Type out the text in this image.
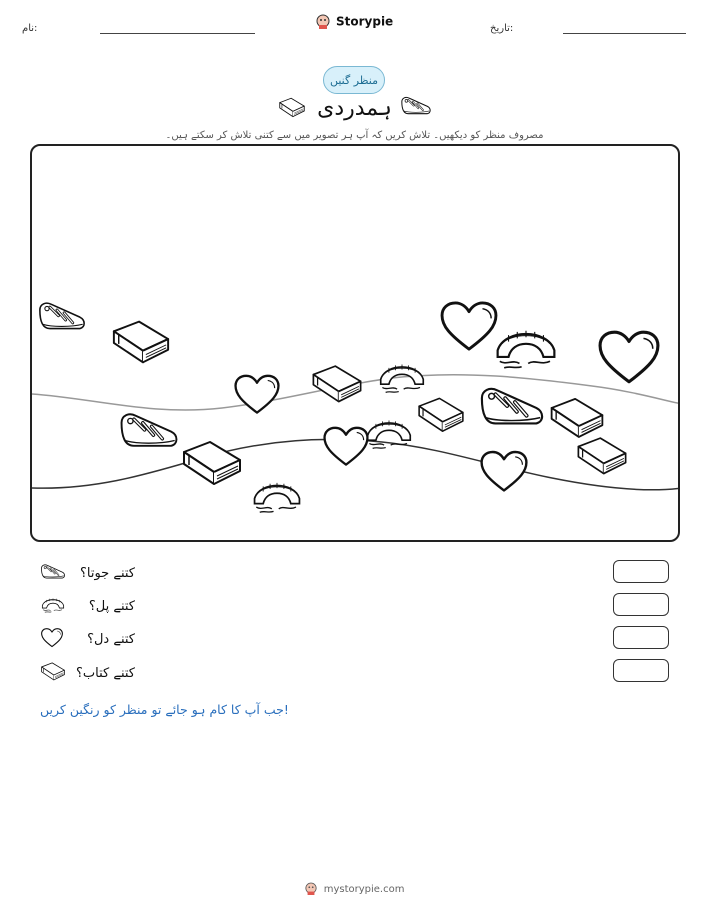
نام:	Storypie	تاریخ:
منظر گنیں
ہمدردی
مصروف منظر کو دیکھیں۔ تلاش کریں کہ آپ ہر تصویر میں سے کتنی تلاش کر سکتے ہیں۔
کتنے جوتا؟
کتنے پل؟
کتنے دل؟
کتنے کتاب؟
جب آپ کا کام ہو جائے تو منظر کو رنگین کریں!
mystorypie.com
